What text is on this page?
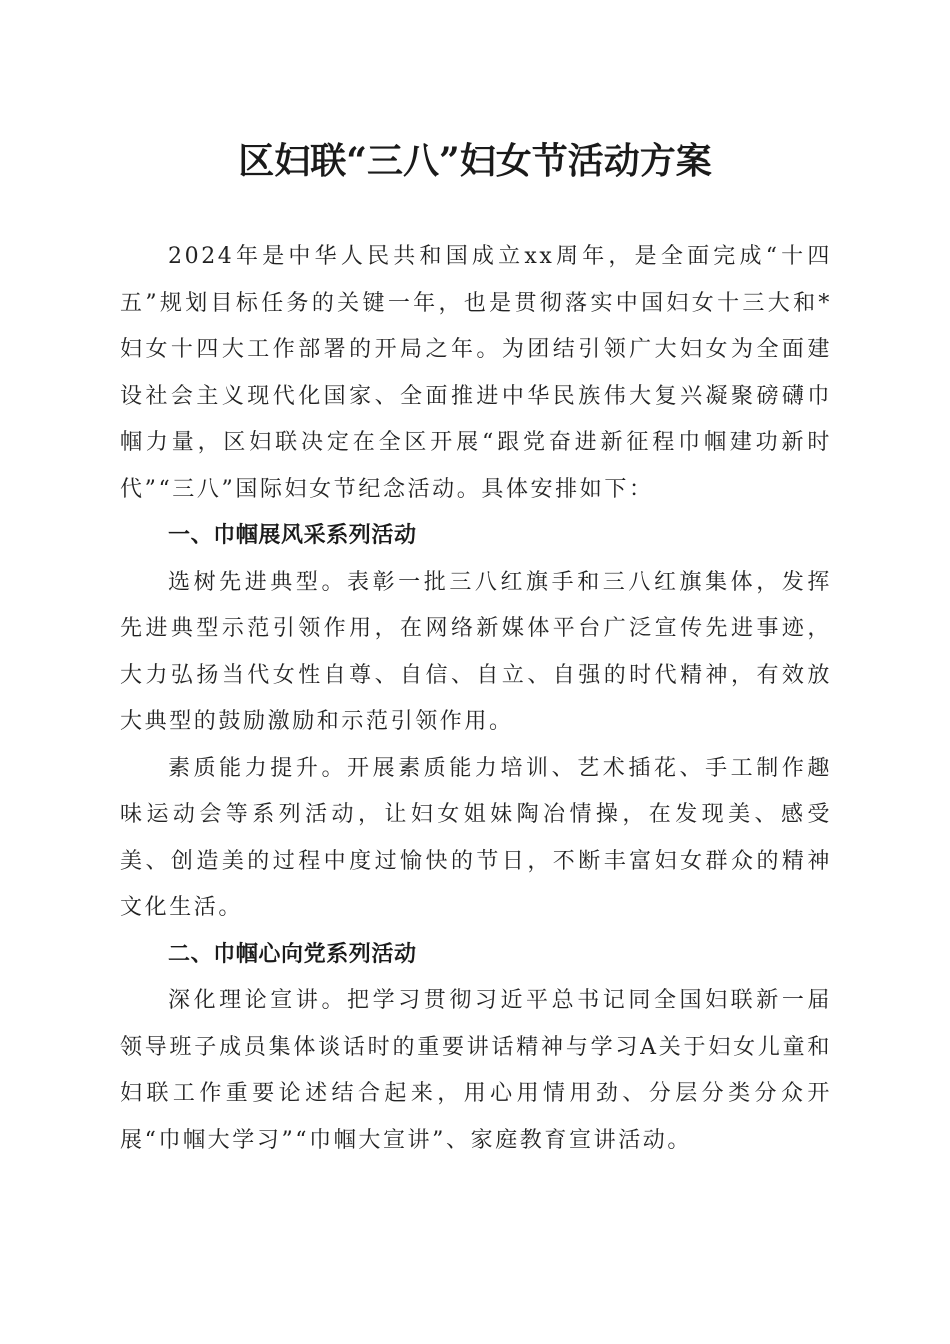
区妇联“三八”妇女节活动方案

2024年是中华人民共和国成立xx周年，是全面完成“十四五”规划目标任务的关键一年，也是贯彻落实中国妇女十三大和*妇女十四大工作部署的开局之年。为团结引领广大妇女为全面建设社会主义现代化国家、全面推进中华民族伟大复兴凝聚磅礴巾帼力量，区妇联决定在全区开展“跟党奋进新征程巾帼建功新时代”“三八”国际妇女节纪念活动。具体安排如下：

一、巾帼展风采系列活动

选树先进典型。表彰一批三八红旗手和三八红旗集体，发挥先进典型示范引领作用，在网络新媒体平台广泛宣传先进事迹，大力弘扬当代女性自尊、自信、自立、自强的时代精神，有效放大典型的鼓励激励和示范引领作用。

素质能力提升。开展素质能力培训、艺术插花、手工制作趣味运动会等系列活动，让妇女姐妹陶冶情操，在发现美、感受美、创造美的过程中度过愉快的节日，不断丰富妇女群众的精神文化生活。

二、巾帼心向党系列活动

深化理论宣讲。把学习贯彻习近平总书记同全国妇联新一届领导班子成员集体谈话时的重要讲话精神与学习A关于妇女儿童和妇联工作重要论述结合起来，用心用情用劲、分层分类分众开展“巾帼大学习”“巾帼大宣讲”、家庭教育宣讲活动。
